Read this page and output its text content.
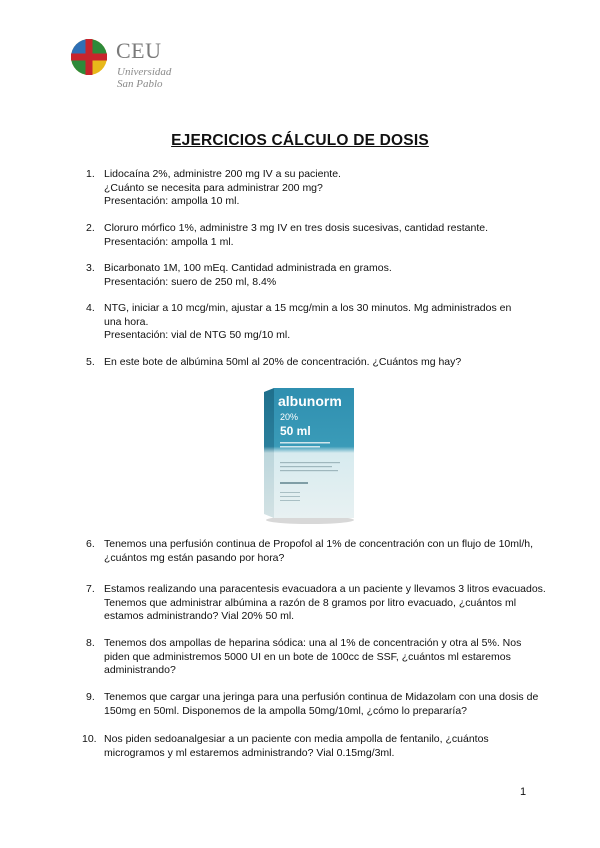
CEU
Universidad
San Pablo
EJERCICIOS CÁLCULO DE DOSIS
1. Lidocaína 2%, administre 200 mg IV a su paciente.
¿Cuánto se necesita para administrar 200 mg?
Presentación: ampolla 10 ml.
2. Cloruro mórfico 1%, administre 3 mg IV en tres dosis sucesivas, cantidad restante.
Presentación: ampolla 1 ml.
3. Bicarbonato 1M, 100 mEq. Cantidad administrada en gramos.
Presentación: suero de 250 ml, 8.4%
4. NTG, iniciar a 10 mcg/min, ajustar a 15 mcg/min a los 30 minutos. Mg administrados en
una hora.
Presentación: vial de NTG 50 mg/10 ml.
5. En este bote de albúmina 50ml al 20% de concentración. ¿Cuántos mg hay?
6. Tenemos una perfusión continua de Propofol al 1% de concentración con un flujo de 10ml/h,
¿cuántos mg están pasando por hora?
7. Estamos realizando una paracentesis evacuadora a un paciente y llevamos 3 litros evacuados.
Tenemos que administrar albúmina a razón de 8 gramos por litro evacuado, ¿cuántos ml
estamos administrando? Vial 20% 50 ml.
8. Tenemos dos ampollas de heparina sódica: una al 1% de concentración y otra al 5%. Nos
piden que administremos 5000 UI en un bote de 100cc de SSF, ¿cuántos ml estaremos
administrando?
9. Tenemos que cargar una jeringa para una perfusión continua de Midazolam con una dosis de
150mg en 50ml. Disponemos de la ampolla 50mg/10ml, ¿cómo lo prepararía?
10. Nos piden sedoanalgesiar a un paciente con media ampolla de fentanilo, ¿cuántos
microgramos y ml estaremos administrando? Vial 0.15mg/3ml.
albunorm
20%
50 ml
1
